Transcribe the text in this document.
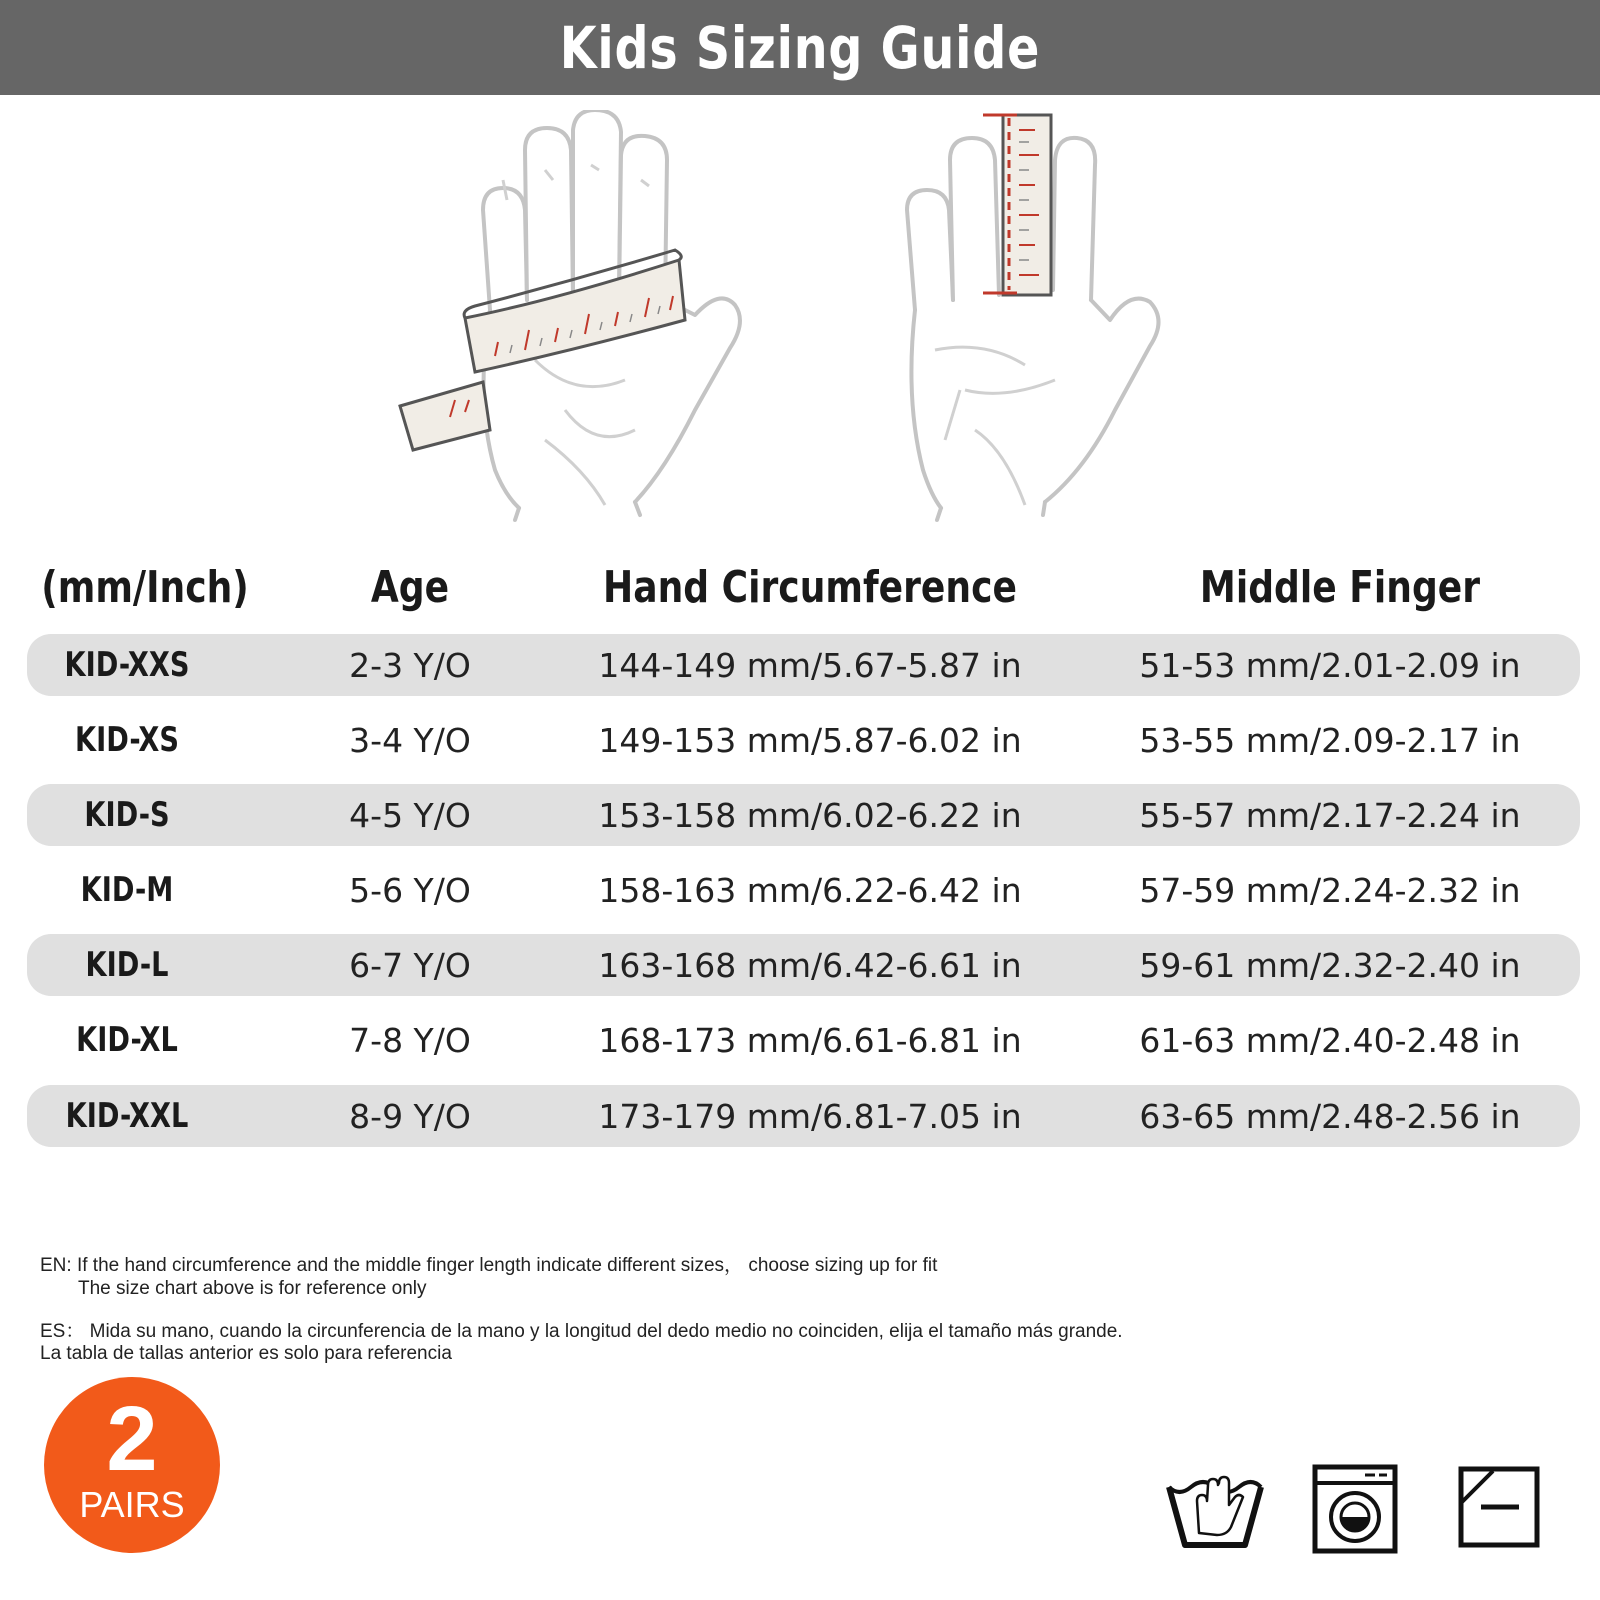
Kids Sizing Guide
(mm/Inch)	Age	Hand Circumference	Middle Finger
KID-XXS	2-3 Y/O	144-149 mm/5.67-5.87 in	51-53 mm/2.01-2.09 in
KID-XS	3-4 Y/O	149-153 mm/5.87-6.02 in	53-55 mm/2.09-2.17 in
KID-S	4-5 Y/O	153-158 mm/6.02-6.22 in	55-57 mm/2.17-2.24 in
KID-M	5-6 Y/O	158-163 mm/6.22-6.42 in	57-59 mm/2.24-2.32 in
KID-L	6-7 Y/O	163-168 mm/6.42-6.61 in	59-61 mm/2.32-2.40 in
KID-XL	7-8 Y/O	168-173 mm/6.61-6.81 in	61-63 mm/2.40-2.48 in
KID-XXL	8-9 Y/O	173-179 mm/6.81-7.05 in	63-65 mm/2.48-2.56 in
EN: If the hand circumference and the middle finger length indicate different sizes， choose sizing up for fit
The size chart above is for reference only
ES： Mida su mano, cuando la circunferencia de la mano y la longitud del dedo medio no coinciden, elija el tamaño más grande.
La tabla de tallas anterior es solo para referencia
2
PAIRS
